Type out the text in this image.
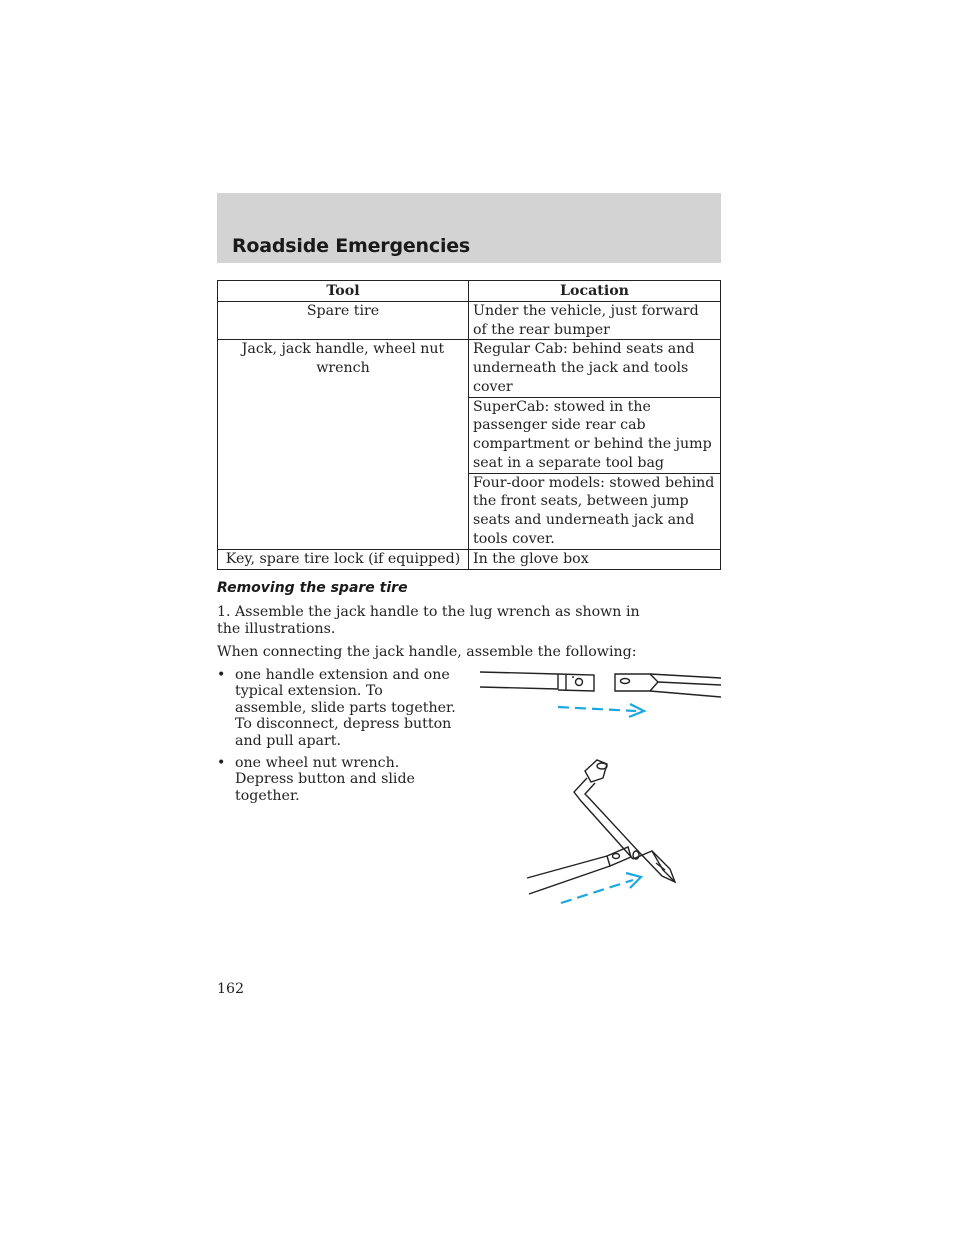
Roadside Emergencies
Tool	Location
Spare tire	Under the vehicle, just forward of the rear bumper
Jack, jack handle, wheel nut wrench	Regular Cab: behind seats and underneath the jack and tools cover
	SuperCab: stowed in the passenger side rear cab compartment or behind the jump seat in a separate tool bag
	Four-door models: stowed behind the front seats, between jump seats and underneath jack and tools cover.
Key, spare tire lock (if equipped)	In the glove box
Removing the spare tire

1. Assemble the jack handle to the lug wrench as shown in the illustrations.

When connecting the jack handle, assemble the following:

• one handle extension and one typical extension. To assemble, slide parts together. To disconnect, depress button and pull apart.
• one wheel nut wrench. Depress button and slide together.

162
